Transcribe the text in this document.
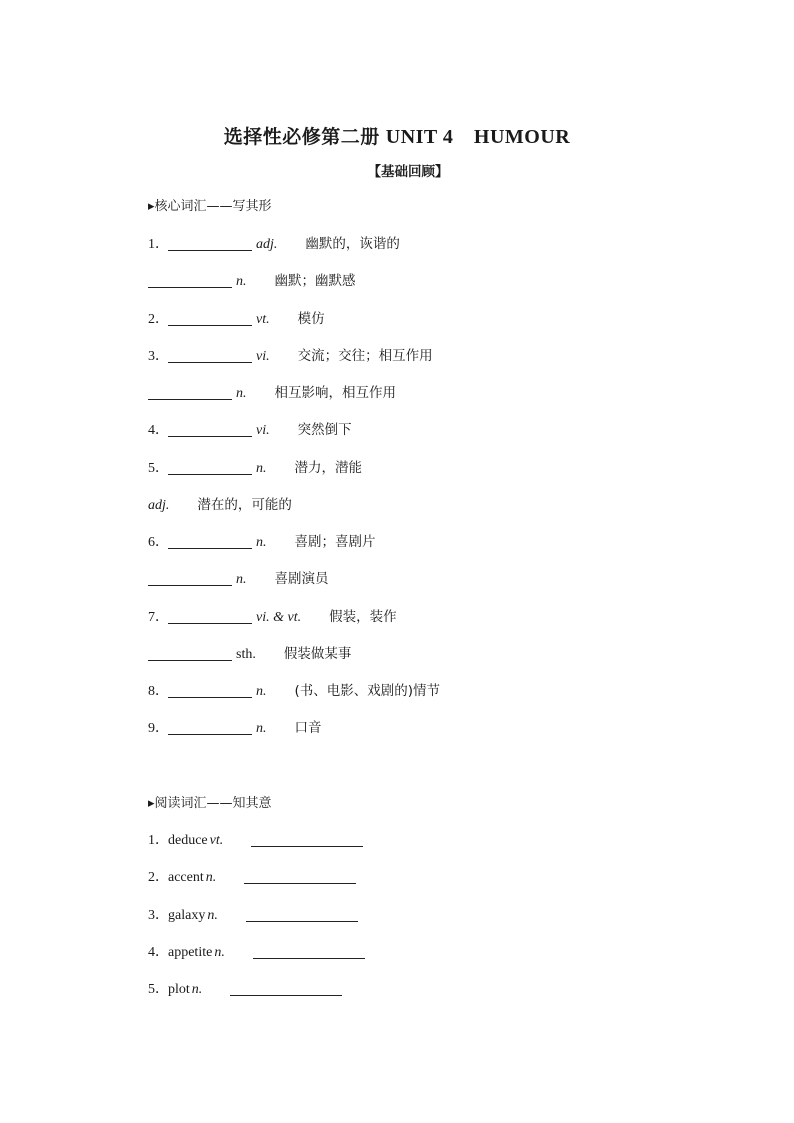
选择性必修第二册 UNIT 4　HUMOUR
【基础回顾】
▸核心词汇——写其形
1．	adj. 幽默的，诙谐的
n. 幽默；幽默感
2．	vt. 模仿
3．	vi. 交流；交往；相互作用
n. 相互影响，相互作用
4．	vi. 突然倒下
5．	n. 潜力，潜能
adj. 潜在的，可能的
6．	n. 喜剧；喜剧片
n. 喜剧演员
7．	vi. & vt. 假装，装作
sth. 假装做某事
8．	n. (书、电影、戏剧的)情节
9．	n. 口音
▸阅读词汇——知其意
1．deduce vt.
2．accent n.
3．galaxy n.
4．appetite n.
5．plot n.
